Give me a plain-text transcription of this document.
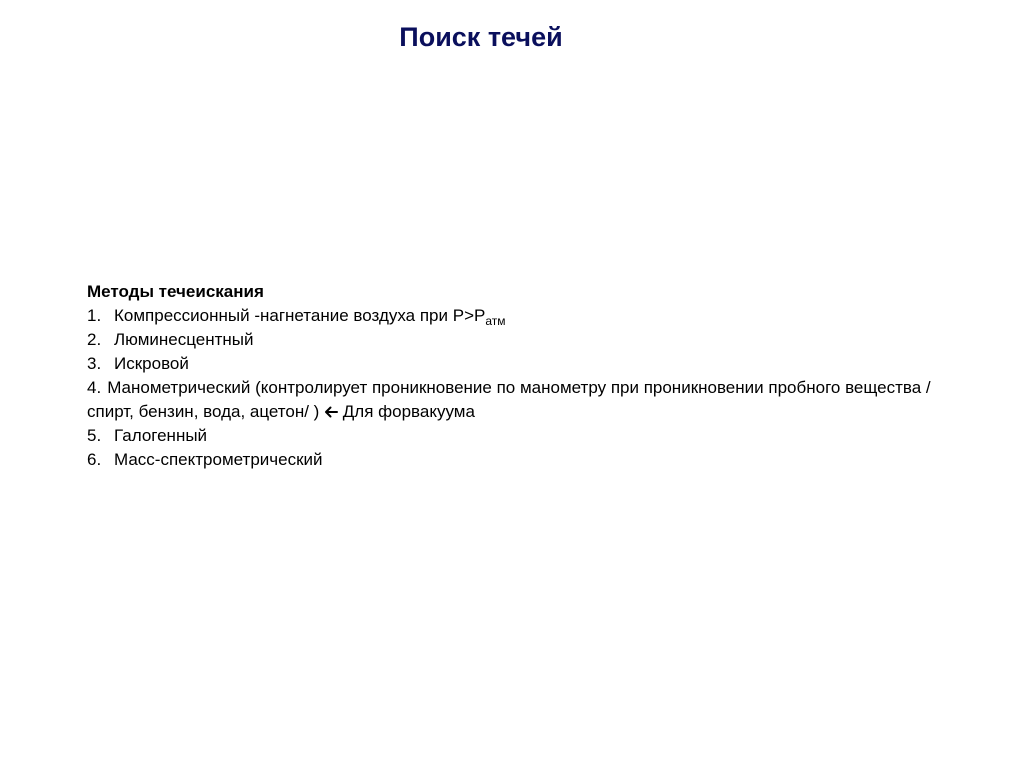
Поиск течей
Методы течеискания
1. Компрессионный -нагнетание воздуха при $Р>Р_{атм}$
2. Люминесцентный
3. Искровой
4. Манометрический (контролирует проникновение по манометру при проникновении пробного вещества /спирт, бензин, вода, ацетон/ ) Для форвакуума
5. Галогенный
6. Масс-спектрометрический
